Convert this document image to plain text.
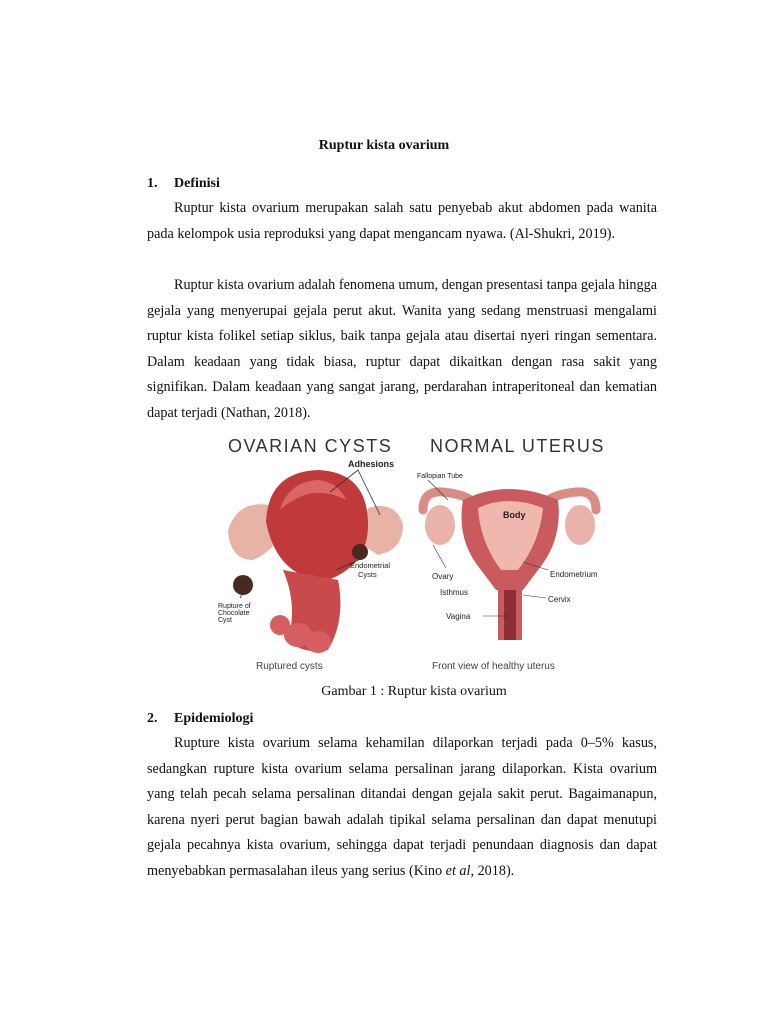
Ruptur kista ovarium
1. Definisi
Ruptur kista ovarium merupakan salah satu penyebab akut abdomen pada wanita pada kelompok usia reproduksi yang dapat mengancam nyawa. (Al-Shukri, 2019).
Ruptur kista ovarium adalah fenomena umum, dengan presentasi tanpa gejala hingga gejala yang menyerupai gejala perut akut. Wanita yang sedang menstruasi mengalami ruptur kista folikel setiap siklus, baik tanpa gejala atau disertai nyeri ringan sementara. Dalam keadaan yang tidak biasa, ruptur dapat dikaitkan dengan rasa sakit yang signifikan. Dalam keadaan yang sangat jarang, perdarahan intraperitoneal dan kematian dapat terjadi (Nathan, 2018).
OVARIAN CYSTS NORMAL UTERUS
Adhesions
Endometrial
Cysts
Rupture of
Chocolate
Cyst
Ruptured cysts
Fallopian Tube
Dome (fundus)
Body
Ovary	Endometrium
Isthmus
Cervix
Vagina
Front view of healthy uterus
Gambar 1 : Ruptur kista ovarium
2. Epidemiologi
Rupture kista ovarium selama kehamilan dilaporkan terjadi pada 0–5% kasus, sedangkan rupture kista ovarium selama persalinan jarang dilaporkan. Kista ovarium yang telah pecah selama persalinan ditandai dengan gejala sakit perut. Bagaimanapun, karena nyeri perut bagian bawah adalah tipikal selama persalinan dan dapat menutupi gejala pecahnya kista ovarium, sehingga dapat terjadi penundaan diagnosis dan dapat menyebabkan permasalahan ileus yang serius (Kino et al, 2018).
